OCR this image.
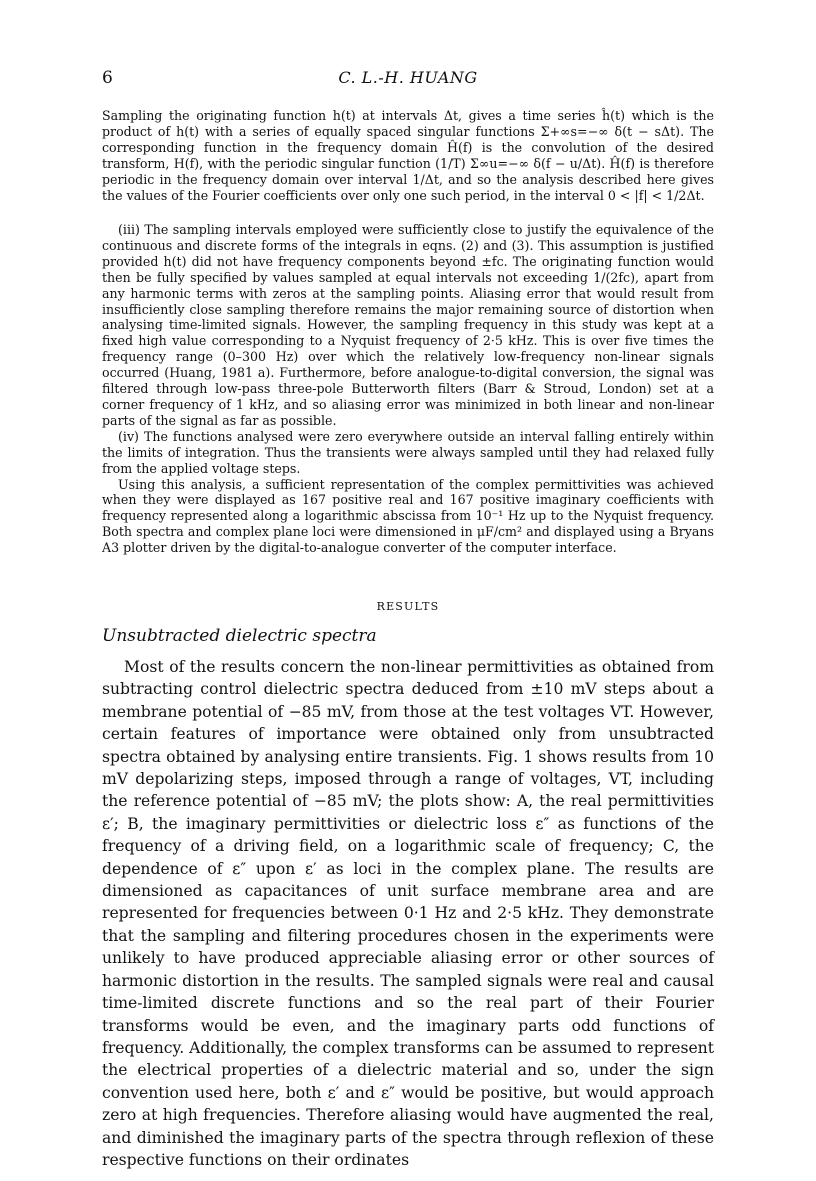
6	C. L.-H. HUANG

Sampling the originating function h(t) at intervals Δt, gives a time series ĥ(t) which is the product of h(t) with a series of equally spaced singular functions Σ+∞s=−∞ δ(t − sΔt). The corresponding function in the frequency domain Ĥ(f) is the convolution of the desired transform, H(f), with the periodic singular function (1/T) Σ∞u=−∞ δ(f − u/Δt). Ĥ(f) is therefore periodic in the frequency domain over interval 1/Δt, and so the analysis described here gives the values of the Fourier coefficients over only one such period, in the interval 0 < |f| < 1/2Δt.

(iii) The sampling intervals employed were sufficiently close to justify the equivalence of the continuous and discrete forms of the integrals in eqns. (2) and (3). This assumption is justified provided h(t) did not have frequency components beyond ±fc. The originating function would then be fully specified by values sampled at equal intervals not exceeding 1/(2fc), apart from any harmonic terms with zeros at the sampling points. Aliasing error that would result from insufficiently close sampling therefore remains the major remaining source of distortion when analysing time-limited signals. However, the sampling frequency in this study was kept at a fixed high value corresponding to a Nyquist frequency of 2·5 kHz. This is over five times the frequency range (0–300 Hz) over which the relatively low-frequency non-linear signals occurred (Huang, 1981 a). Furthermore, before analogue-to-digital conversion, the signal was filtered through low-pass three-pole Butterworth filters (Barr & Stroud, London) set at a corner frequency of 1 kHz, and so aliasing error was minimized in both linear and non-linear parts of the signal as far as possible.

(iv) The functions analysed were zero everywhere outside an interval falling entirely within the limits of integration. Thus the transients were always sampled until they had relaxed fully from the applied voltage steps.

Using this analysis, a sufficient representation of the complex permittivities was achieved when they were displayed as 167 positive real and 167 positive imaginary coefficients with frequency represented along a logarithmic abscissa from 10⁻¹ Hz up to the Nyquist frequency. Both spectra and complex plane loci were dimensioned in μF/cm² and displayed using a Bryans A3 plotter driven by the digital-to-analogue converter of the computer interface.

RESULTS
Unsubtracted dielectric spectra

Most of the results concern the non-linear permittivities as obtained from subtracting control dielectric spectra deduced from ±10 mV steps about a membrane potential of −85 mV, from those at the test voltages VT. However, certain features of importance were obtained only from unsubtracted spectra obtained by analysing entire transients. Fig. 1 shows results from 10 mV depolarizing steps, imposed through a range of voltages, VT, including the reference potential of −85 mV; the plots show: A, the real permittivities ε′; B, the imaginary permittivities or dielectric loss ε″ as functions of the frequency of a driving field, on a logarithmic scale of frequency; C, the dependence of ε″ upon ε′ as loci in the complex plane. The results are dimensioned as capacitances of unit surface membrane area and are represented for frequencies between 0·1 Hz and 2·5 kHz. They demonstrate that the sampling and filtering procedures chosen in the experiments were unlikely to have produced appreciable aliasing error or other sources of harmonic distortion in the results. The sampled signals were real and causal time-limited discrete functions and so the real part of their Fourier transforms would be even, and the imaginary parts odd functions of frequency. Additionally, the complex transforms can be assumed to represent the electrical properties of a dielectric material and so, under the sign convention used here, both ε′ and ε″ would be positive, but would approach zero at high frequencies. Therefore aliasing would have augmented the real, and diminished the imaginary parts of the spectra through reflexion of these respective functions on their ordinates
